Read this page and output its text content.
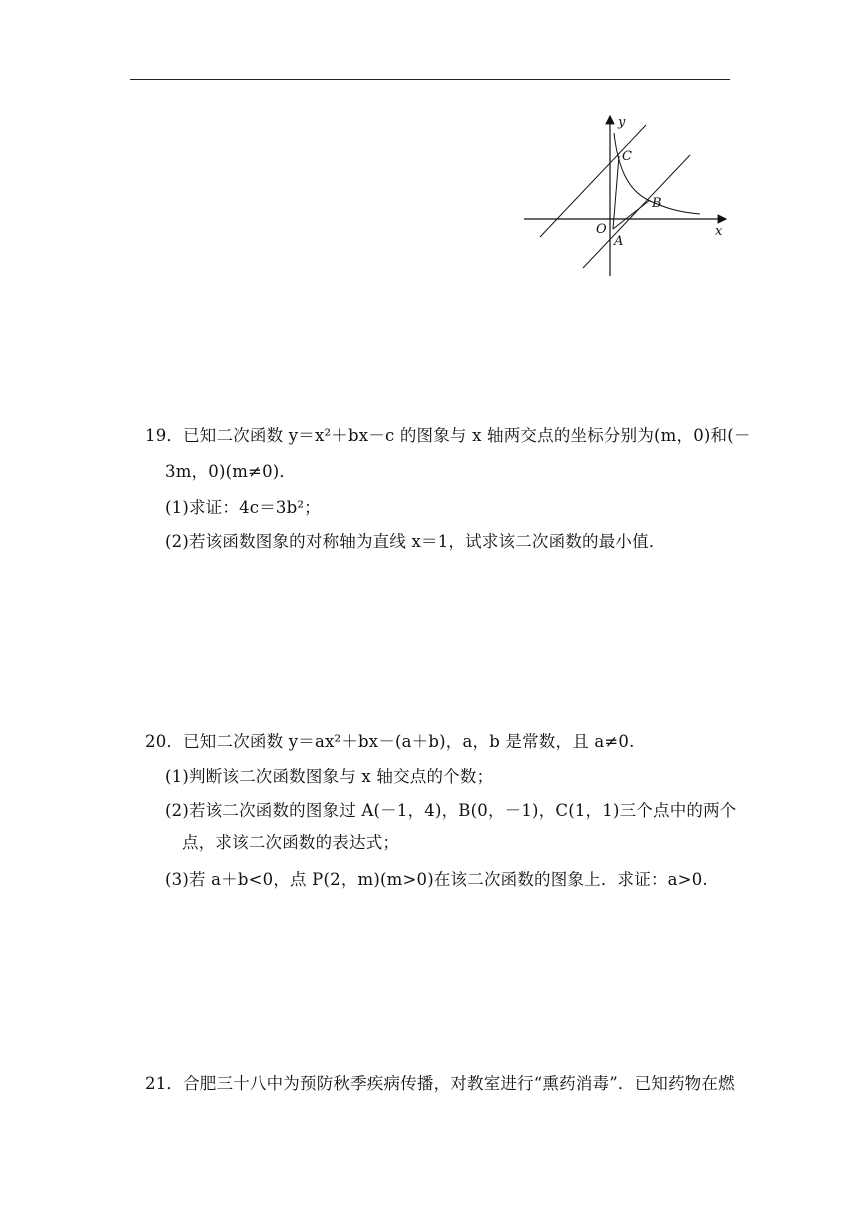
y
C
B
O
A
x
19．已知二次函数 y＝x²＋bx－c 的图象与 x 轴两交点的坐标分别为(m，0)和(－
3m，0)(m≠0)．
(1)求证：4c＝3b²；
(2)若该函数图象的对称轴为直线 x＝1，试求该二次函数的最小值．
20．已知二次函数 y＝ax²＋bx－(a＋b)，a，b 是常数，且 a≠0.
(1)判断该二次函数图象与 x 轴交点的个数；
(2)若该二次函数的图象过 A(－1，4)，B(0，－1)，C(1，1)三个点中的两个
点，求该二次函数的表达式；
(3)若 a＋b<0，点 P(2，m)(m>0)在该二次函数的图象上．求证：a>0.
21．合肥三十八中为预防秋季疾病传播，对教室进行“熏药消毒”．已知药物在燃
